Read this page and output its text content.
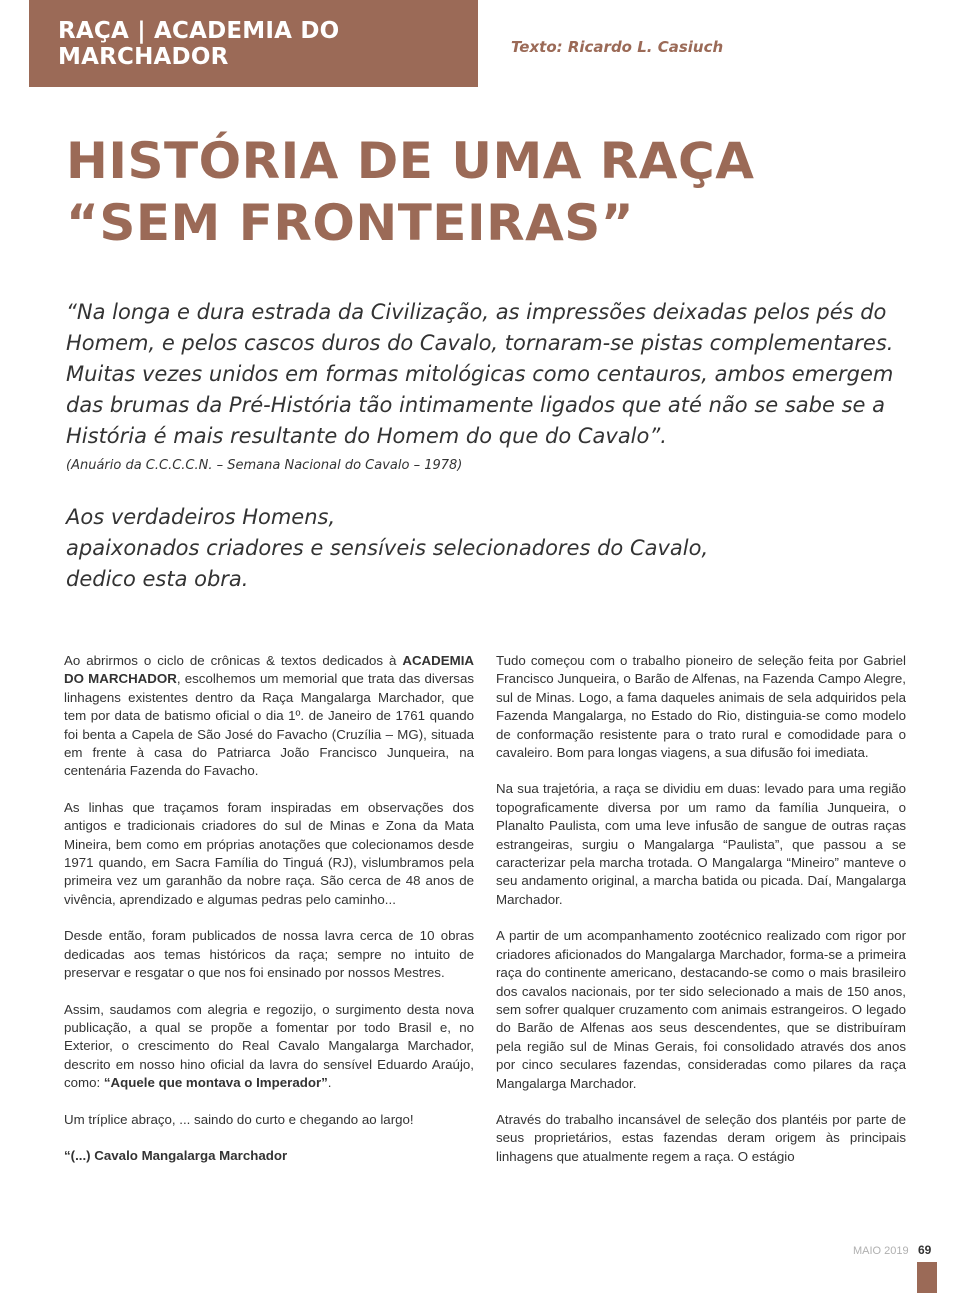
RAÇA | ACADEMIA DO MARCHADOR	Texto: Ricardo L. Casiuch
HISTÓRIA DE UMA RAÇA
“SEM FRONTEIRAS”
“Na longa e dura estrada da Civilização, as impressões deixadas pelos pés do
Homem, e pelos cascos duros do Cavalo, tornaram-se pistas complementares.
Muitas vezes unidos em formas mitológicas como centauros, ambos emergem
das brumas da Pré-História tão intimamente ligados que até não se sabe se a
História é mais resultante do Homem do que do Cavalo”.
(Anuário da C.C.C.C.N. – Semana Nacional do Cavalo – 1978)
Aos verdadeiros Homens,
apaixonados criadores e sensíveis selecionadores do Cavalo,
dedico esta obra.

Ao abrirmos o ciclo de crônicas & textos dedicados à ACADEMIA DO MARCHADOR, escolhemos um memorial que trata das diversas linhagens existentes dentro da Raça Mangalarga Marchador, que tem por data de batismo oficial o dia 1º. de Janeiro de 1761 quando foi benta a Capela de São José do Favacho (Cruzília – MG), situada em frente à casa do Patriarca João Francisco Junqueira, na centenária Fazenda do Favacho.

As linhas que traçamos foram inspiradas em observações dos antigos e tradicionais criadores do sul de Minas e Zona da Mata Mineira, bem como em próprias anotações que colecionamos desde 1971 quando, em Sacra Família do Tinguá (RJ), vislumbramos pela primeira vez um garanhão da nobre raça. São cerca de 48 anos de vivência, aprendizado e algumas pedras pelo caminho...

Desde então, foram publicados de nossa lavra cerca de 10 obras dedicadas aos temas históricos da raça; sempre no intuito de preservar e resgatar o que nos foi ensinado por nossos Mestres.

Assim, saudamos com alegria e regozijo, o surgimento desta nova publicação, a qual se propõe a fomentar por todo Brasil e, no Exterior, o crescimento do Real Cavalo Mangalarga Marchador, descrito em nosso hino oficial da lavra do sensível Eduardo Araújo, como: “Aquele que montava o Imperador”.

Um tríplice abraço, ... saindo do curto e chegando ao largo!

“(...) Cavalo Mangalarga Marchador

Tudo começou com o trabalho pioneiro de seleção feita por Gabriel Francisco Junqueira, o Barão de Alfenas, na Fazenda Campo Alegre, sul de Minas. Logo, a fama daqueles animais de sela adquiridos pela Fazenda Mangalarga, no Estado do Rio, distinguia-se como modelo de conformação resistente para o trato rural e comodidade para o cavaleiro. Bom para longas viagens, a sua difusão foi imediata.

Na sua trajetória, a raça se dividiu em duas: levado para uma região topograficamente diversa por um ramo da família Junqueira, o Planalto Paulista, com uma leve infusão de sangue de outras raças estrangeiras, surgiu o Mangalarga “Paulista”, que passou a se caracterizar pela marcha trotada. O Mangalarga “Mineiro” manteve o seu andamento original, a marcha batida ou picada. Daí, Mangalarga Marchador.

A partir de um acompanhamento zootécnico realizado com rigor por criadores aficionados do Mangalarga Marchador, forma-se a primeira raça do continente americano, destacando-se como o mais brasileiro dos cavalos nacionais, por ter sido selecionado a mais de 150 anos, sem sofrer qualquer cruzamento com animais estrangeiros. O legado do Barão de Alfenas aos seus descendentes, que se distribuíram pela região sul de Minas Gerais, foi consolidado através dos anos por cinco seculares fazendas, consideradas como pilares da raça Mangalarga Marchador.

Através do trabalho incansável de seleção dos plantéis por parte de seus proprietários, estas fazendas deram origem às principais linhagens que atualmente regem a raça. O estágio

MAIO 2019 69
